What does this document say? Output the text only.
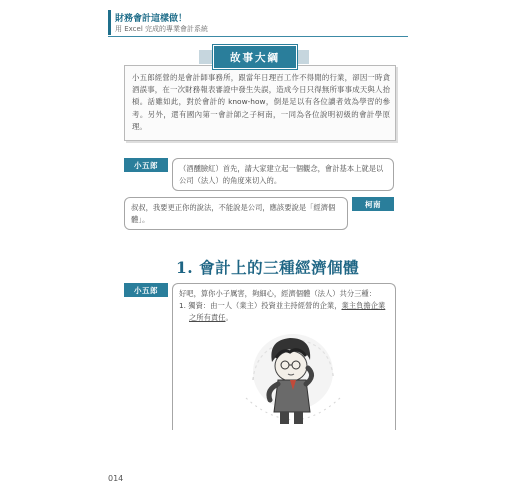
財務會計這樣做！
用 Excel 完成的專業會計系統
小五郎經營的是會計師事務所，跟當年日理百工作不得閒的行業，卻因一時貪酒誤事，在一次財務報表審證中發生失誤，造成今日只得無所事事成天與人抬槓。話雖如此，對於會計的 know-how，倒是足以有各位讀者效為學習的參考。另外，還有國內第一會計師之子柯南，一同為各位說明初級的會計學原理。
故事大綱
小五郎	（酒醺臉紅）首先，請大家建立起一個觀念，會計基本上就是以公司（法人）的角度來切入的。
叔叔，我要更正你的說法，不能說是公司，應該要說是「經濟個體」。
柯南
1. 會計上的三種經濟個體
小五郎	好吧，算你小子厲害，夠細心，經濟個體（法人）共分三種：
1. 獨資：由一人（業主）投資並主持經營的企業，業主負擔企業之所有責任。
014
